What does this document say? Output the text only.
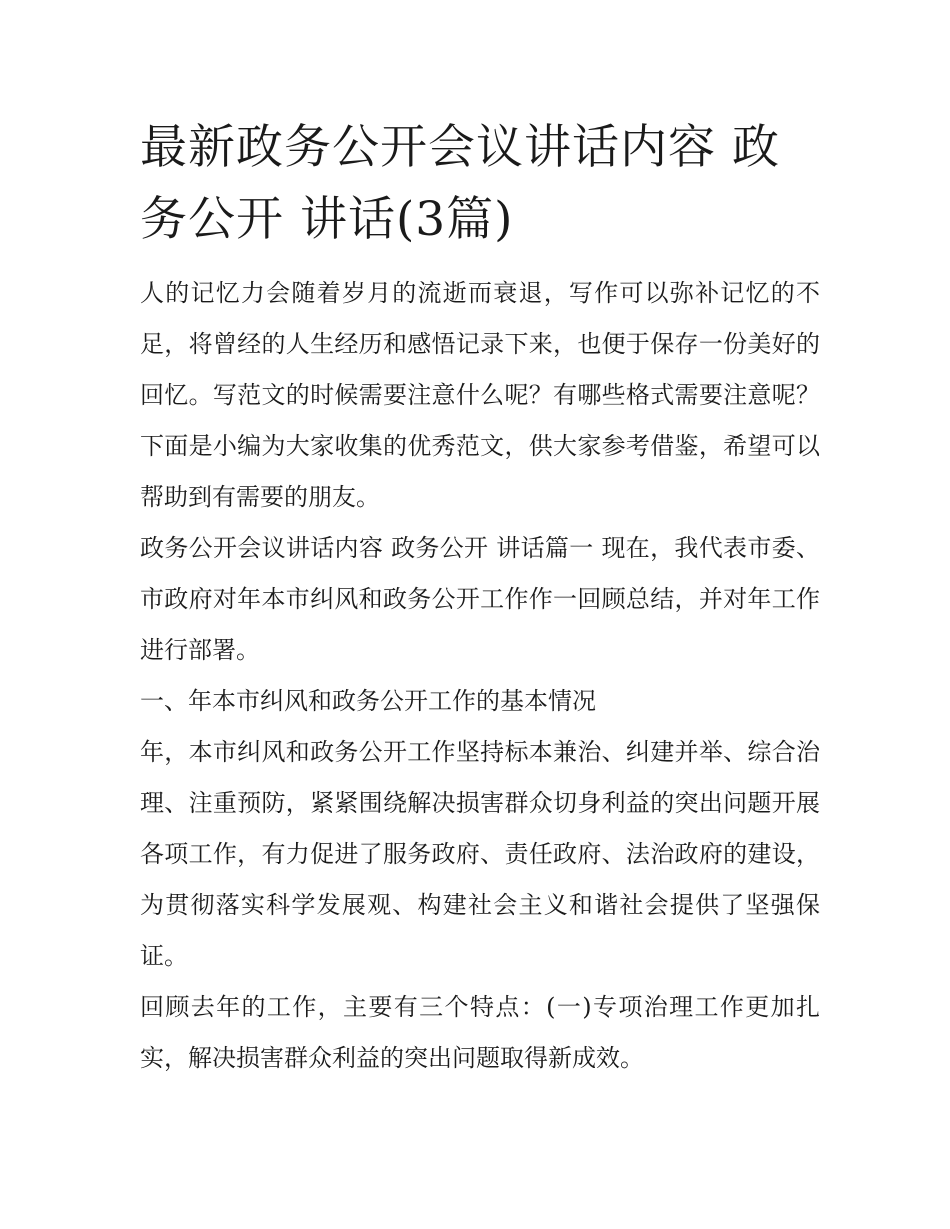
最新政务公开会议讲话内容 政务公开 讲话(3篇)

人的记忆力会随着岁月的流逝而衰退，写作可以弥补记忆的不足，将曾经的人生经历和感悟记录下来，也便于保存一份美好的回忆。写范文的时候需要注意什么呢？有哪些格式需要注意呢？下面是小编为大家收集的优秀范文，供大家参考借鉴，希望可以帮助到有需要的朋友。

政务公开会议讲话内容 政务公开 讲话篇一 现在，我代表市委、市政府对年本市纠风和政务公开工作作一回顾总结，并对年工作进行部署。

一、年本市纠风和政务公开工作的基本情况

年，本市纠风和政务公开工作坚持标本兼治、纠建并举、综合治理、注重预防，紧紧围绕解决损害群众切身利益的突出问题开展各项工作，有力促进了服务政府、责任政府、法治政府的建设，为贯彻落实科学发展观、构建社会主义和谐社会提供了坚强保证。

回顾去年的工作，主要有三个特点：(一)专项治理工作更加扎实，解决损害群众利益的突出问题取得新成效。
